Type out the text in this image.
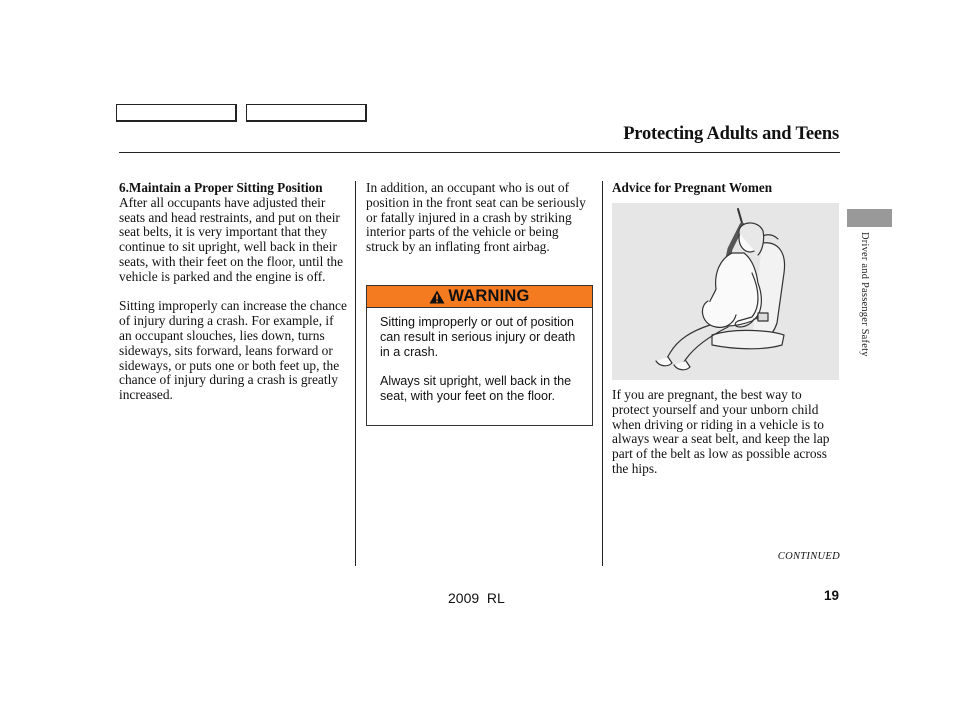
Protecting Adults and Teens
6.Maintain a Proper Sitting Position

After all occupants have adjusted their seats and head restraints, and put on their seat belts, it is very important that they continue to sit upright, well back in their seats, with their feet on the floor, until the vehicle is parked and the engine is off.

Sitting improperly can increase the chance of injury during a crash. For example, if an occupant slouches, lies down, turns sideways, sits forward, leans forward or sideways, or puts one or both feet up, the chance of injury during a crash is greatly increased.

In addition, an occupant who is out of position in the front seat can be seriously or fatally injured in a crash by striking interior parts of the vehicle or being struck by an inflating front airbag.

WARNING

Sitting improperly or out of position can result in serious injury or death in a crash.

Always sit upright, well back in the seat, with your feet on the floor.

Advice for Pregnant Women

If you are pregnant, the best way to protect yourself and your unborn child when driving or riding in a vehicle is to always wear a seat belt, and keep the lap part of the belt as low as possible across the hips.

Driver and Passenger Safety
CONTINUED
19
2009  RL
